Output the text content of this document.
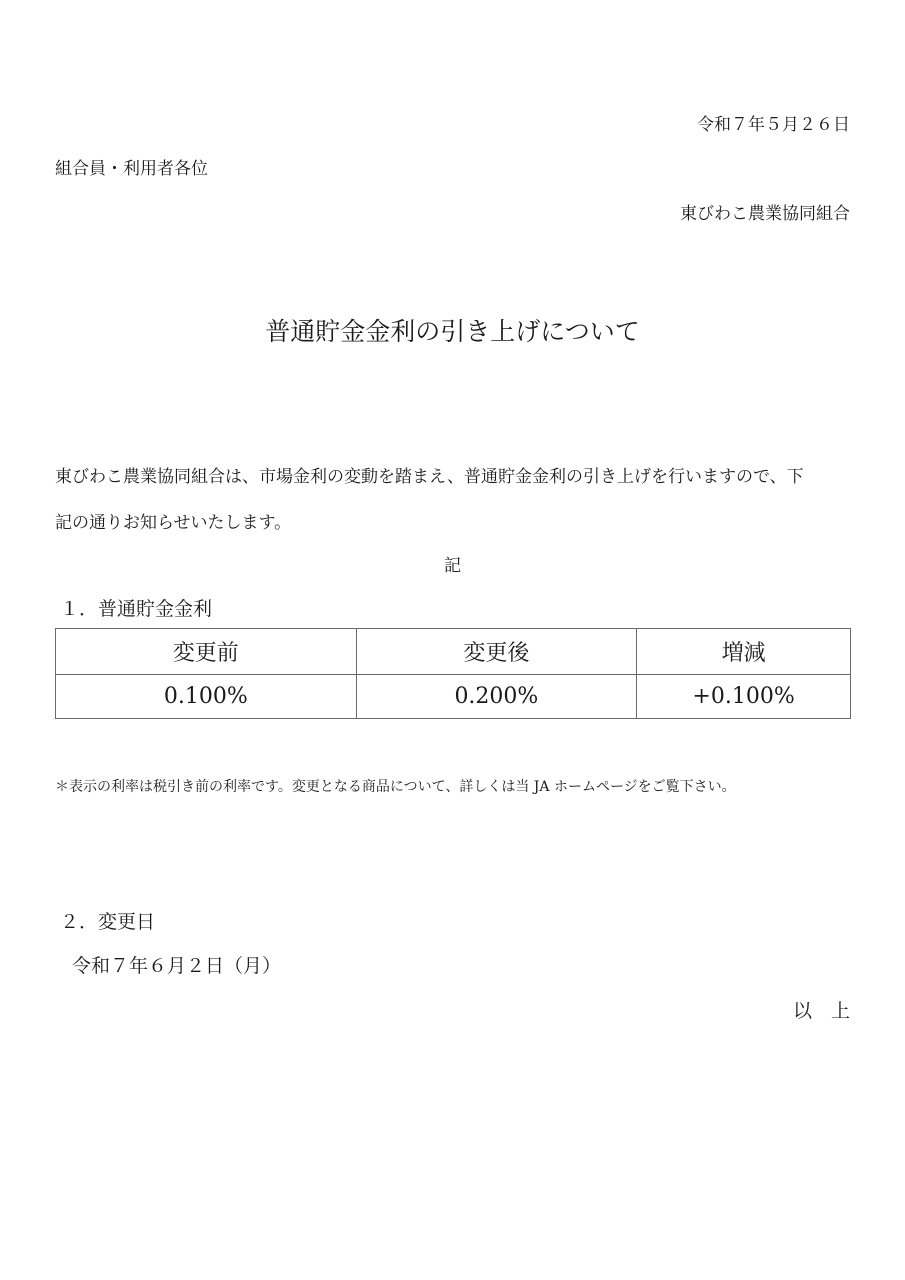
令和７年５月２６日
組合員・利用者各位
東びわこ農業協同組合
普通貯金金利の引き上げについて
東びわこ農業協同組合は、市場金利の変動を踏まえ、普通貯金金利の引き上げを行いますので、下
記の通りお知らせいたします。
記
１．普通貯金金利
変更前	変更後	増減
0.100%	0.200%	+0.100%
＊表示の利率は税引き前の利率です。変更となる商品について、詳しくは当 JA ホームページをご覧下さい。
２．変更日
令和７年６月２日（月）
以　上
